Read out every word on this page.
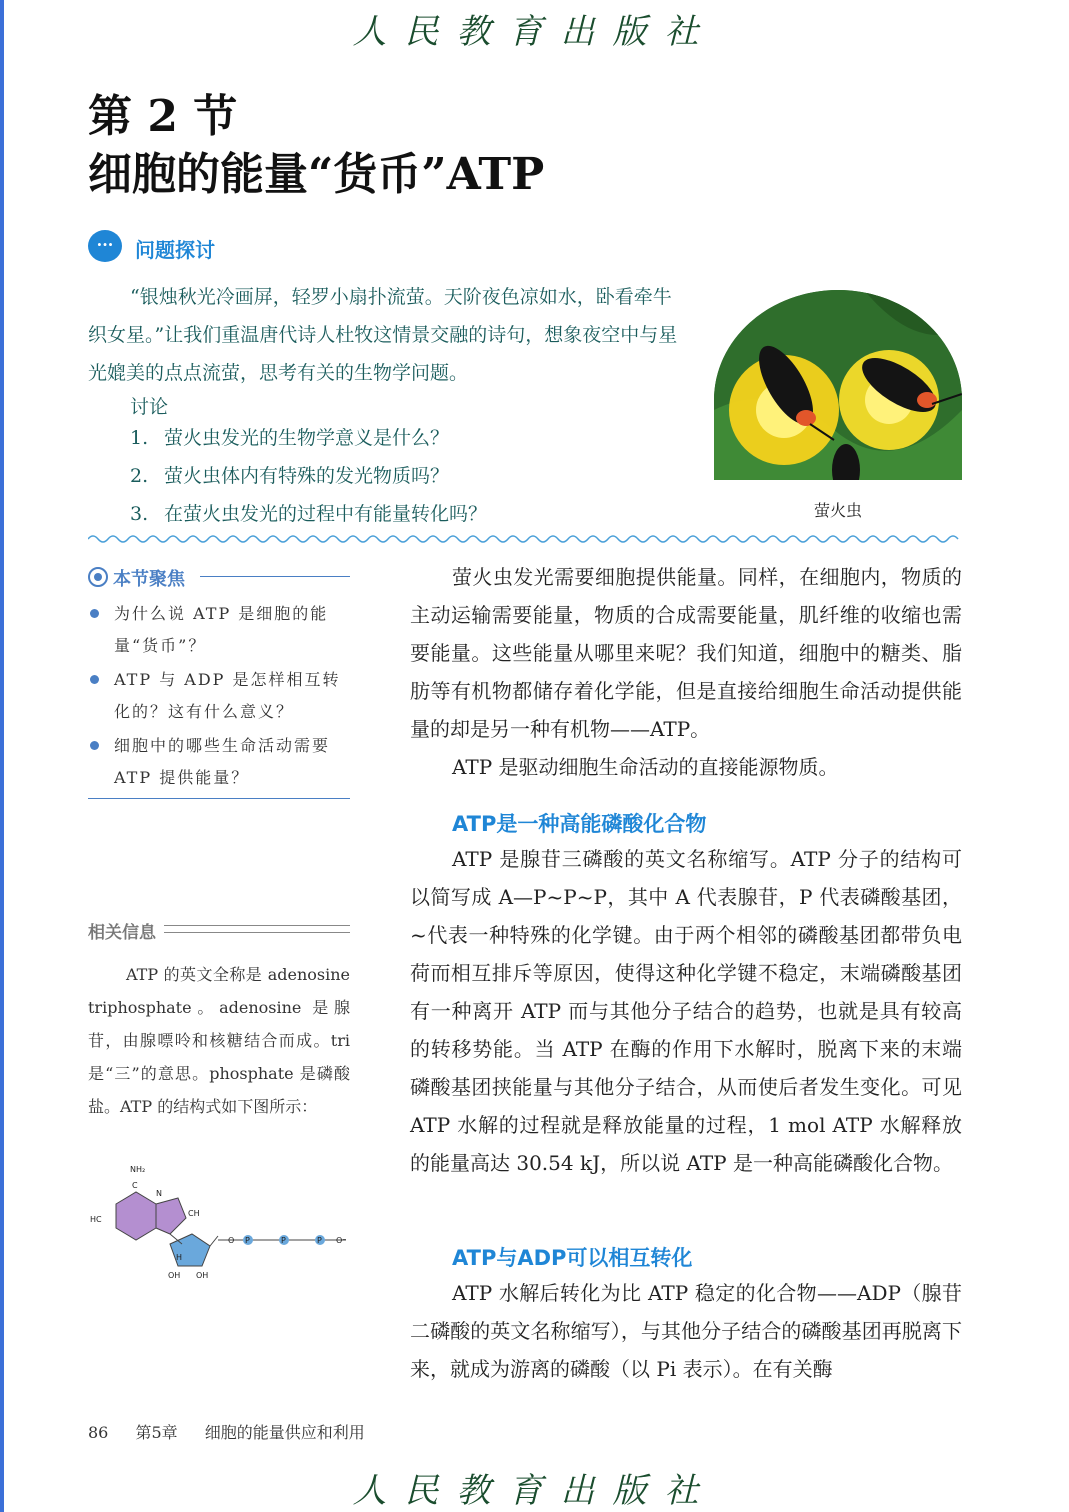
人民教育出版社
第 2 节
细胞的能量“货币”ATP
···	问题探讨
“银烛秋光冷画屏，轻罗小扇扑流萤。天阶夜色凉如水，卧看牵牛织女星。”让我们重温唐代诗人杜牧这情景交融的诗句，想象夜空中与星光媲美的点点流萤，思考有关的生物学问题。
讨论
1. 萤火虫发光的生物学意义是什么？
2. 萤火虫体内有特殊的发光物质吗？
3. 在萤火虫发光的过程中有能量转化吗？	萤火虫
本节聚焦
为什么说 ATP 是细胞的能量“货币”？
ATP 与 ADP 是怎样相互转化的？这有什么意义？
细胞中的哪些生命活动需要 ATP 提供能量？
相关信息
ATP 的英文全称是 adenosine triphosphate。adenosine 是腺苷，由腺嘌呤和核糖结合而成。tri 是“三”的意思。phosphate 是磷酸盐。ATP 的结构式如下图所示：
NH₂
C
HC
N
CH
H
OH OH
O P	P	P O⁻

萤火虫发光需要细胞提供能量。同样，在细胞内，物质的主动运输需要能量，物质的合成需要能量，肌纤维的收缩也需要能量。这些能量从哪里来呢？我们知道，细胞中的糖类、脂肪等有机物都储存着化学能，但是直接给细胞生命活动提供能量的却是另一种有机物——ATP。

ATP 是驱动细胞生命活动的直接能源物质。

ATP是一种高能磷酸化合物

ATP 是腺苷三磷酸的英文名称缩写。ATP 分子的结构可以简写成 A—P~P~P，其中 A 代表腺苷，P 代表磷酸基团，~代表一种特殊的化学键。由于两个相邻的磷酸基团都带负电荷而相互排斥等原因，使得这种化学键不稳定，末端磷酸基团有一种离开 ATP 而与其他分子结合的趋势，也就是具有较高的转移势能。当 ATP 在酶的作用下水解时，脱离下来的末端磷酸基团挟能量与其他分子结合，从而使后者发生变化。可见 ATP 水解的过程就是释放能量的过程，1 mol ATP 水解释放的能量高达 30.54 kJ，所以说 ATP 是一种高能磷酸化合物。

ATP与ADP可以相互转化

ATP 水解后转化为比 ATP 稳定的化合物——ADP（腺苷二磷酸的英文名称缩写），与其他分子结合的磷酸基团再脱离下来，就成为游离的磷酸（以 Pi 表示）。在有关酶

86 第5章 细胞的能量供应和利用
人民教育出版社
